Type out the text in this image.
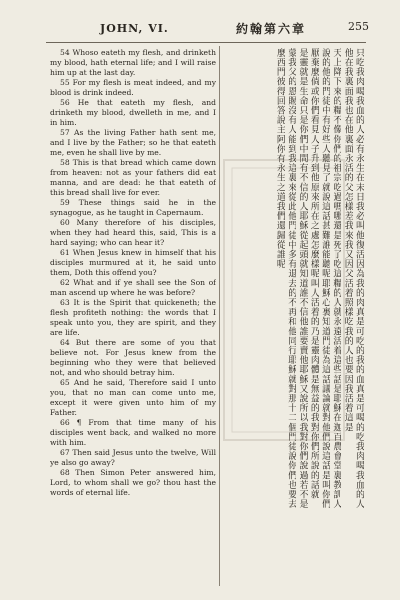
JOHN, VI.	約翰第六章	255

54 Whoso eateth my flesh, and drinketh my blood, hath eternal life; and I will raise him up at the last day.

55 For my flesh is meat indeed, and my blood is drink indeed.

56 He that eateth my flesh, and drinketh my blood, dwelleth in me, and I in him.

57 As the living Father hath sent me, and I live by the Father; so he that eateth me, even he shall live by me.

58 This is that bread which came down from heaven: not as your fathers did eat manna, and are dead: he that eateth of this bread shall live for ever.

59 These things said he in the synagogue, as he taught in Capernaum.

60 Many therefore of his disciples, when they had heard this, said, This is a hard saying; who can hear it?

61 When Jesus knew in himself that his disciples murmured at it, he said unto them, Doth this offend you?

62 What and if ye shall see the Son of man ascend up where he was before?

63 It is the Spirit that quickeneth; the flesh profiteth nothing: the words that I speak unto you, they are spirit, and they are life.

64 But there are some of you that believe not. For Jesus knew from the beginning who they were that believed not, and who should betray him.

65 And he said, Therefore said I unto you, that no man can come unto me, except it were given unto him of my Father.

66 ¶ From that time many of his disciples went back, and walked no more with him.

67 Then said Jesus unto the twelve, Will ye also go away?

68 Then Simon Peter answered him, Lord, to whom shall we go? thou hast the words of eternal life.	只吃我肉喝我血的人必有永生在末日我必叫他復活因為我的肉真是可吃的我的血真是可喝的吃我肉喝我血的人
他在我裏面我也在他裏面永活的父怎樣差我來我又因父活着照樣吃我的人也要因我活着這是
天上降下來的糧不像你們的祖宗吃過嗎哪還是死了吃這糧的人就永遠活着這些話是耶穌在迦百農會堂裏教訓人
說的他的門徒中有好些人聽見了就說這話甚難誰能聽呢耶穌心裏知道門徒為這話議論就對他們說這話是叫你們
厭棄麼倘或你們看見人子升到他原來所在之處怎麼樣呢叫人活着的乃是靈肉體是無益的我對你們所說的話就
是靈就是生命只是你們中間有不信的人耶穌從起頭就知道誰不信他誰要賣他耶穌又說所以我對你們說過若不是
蒙我父的恩賜沒有人能到我這裏來從此他門徒中多有退去的不再和他同行耶穌就對那十二個門徒說你們也要去
麼西門彼得回答說主阿你有永生之道我們還歸從誰呢
